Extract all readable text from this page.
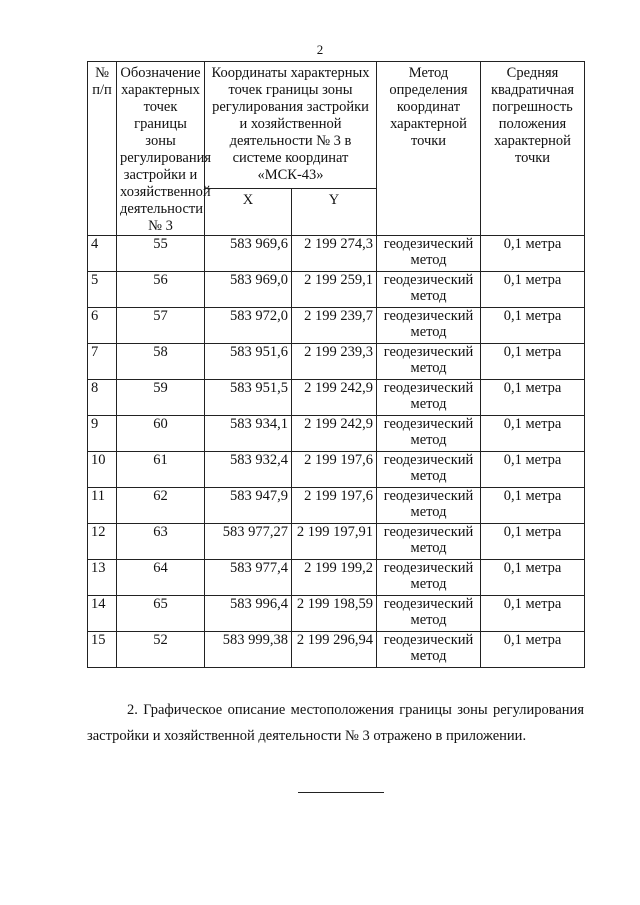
2
№ п/п	Обозначение характерных точек границы зоны регулирования застройки и хозяйственной деятельности № 3	Координаты характерных точек границы зоны регулирования застройки и хозяйственной деятельности № 3 в системе координат «МСК-43»		Метод определения координат характерной точки	Средняя квадратичная погрешность положения характерной точки
		X	Y		
4	55	583 969,6	2 199 274,3	геодезический метод	0,1 метра
5	56	583 969,0	2 199 259,1	геодезический метод	0,1 метра
6	57	583 972,0	2 199 239,7	геодезический метод	0,1 метра
7	58	583 951,6	2 199 239,3	геодезический метод	0,1 метра
8	59	583 951,5	2 199 242,9	геодезический метод	0,1 метра
9	60	583 934,1	2 199 242,9	геодезический метод	0,1 метра
10	61	583 932,4	2 199 197,6	геодезический метод	0,1 метра
11	62	583 947,9	2 199 197,6	геодезический метод	0,1 метра
12	63	583 977,27	2 199 197,91	геодезический метод	0,1 метра
13	64	583 977,4	2 199 199,2	геодезический метод	0,1 метра
14	65	583 996,4	2 199 198,59	геодезический метод	0,1 метра
15	52	583 999,38	2 199 296,94	геодезический метод	0,1 метра

2. Графическое описание местоположения границы зоны регулирования застройки и хозяйственной деятельности № 3 отражено в приложении.
